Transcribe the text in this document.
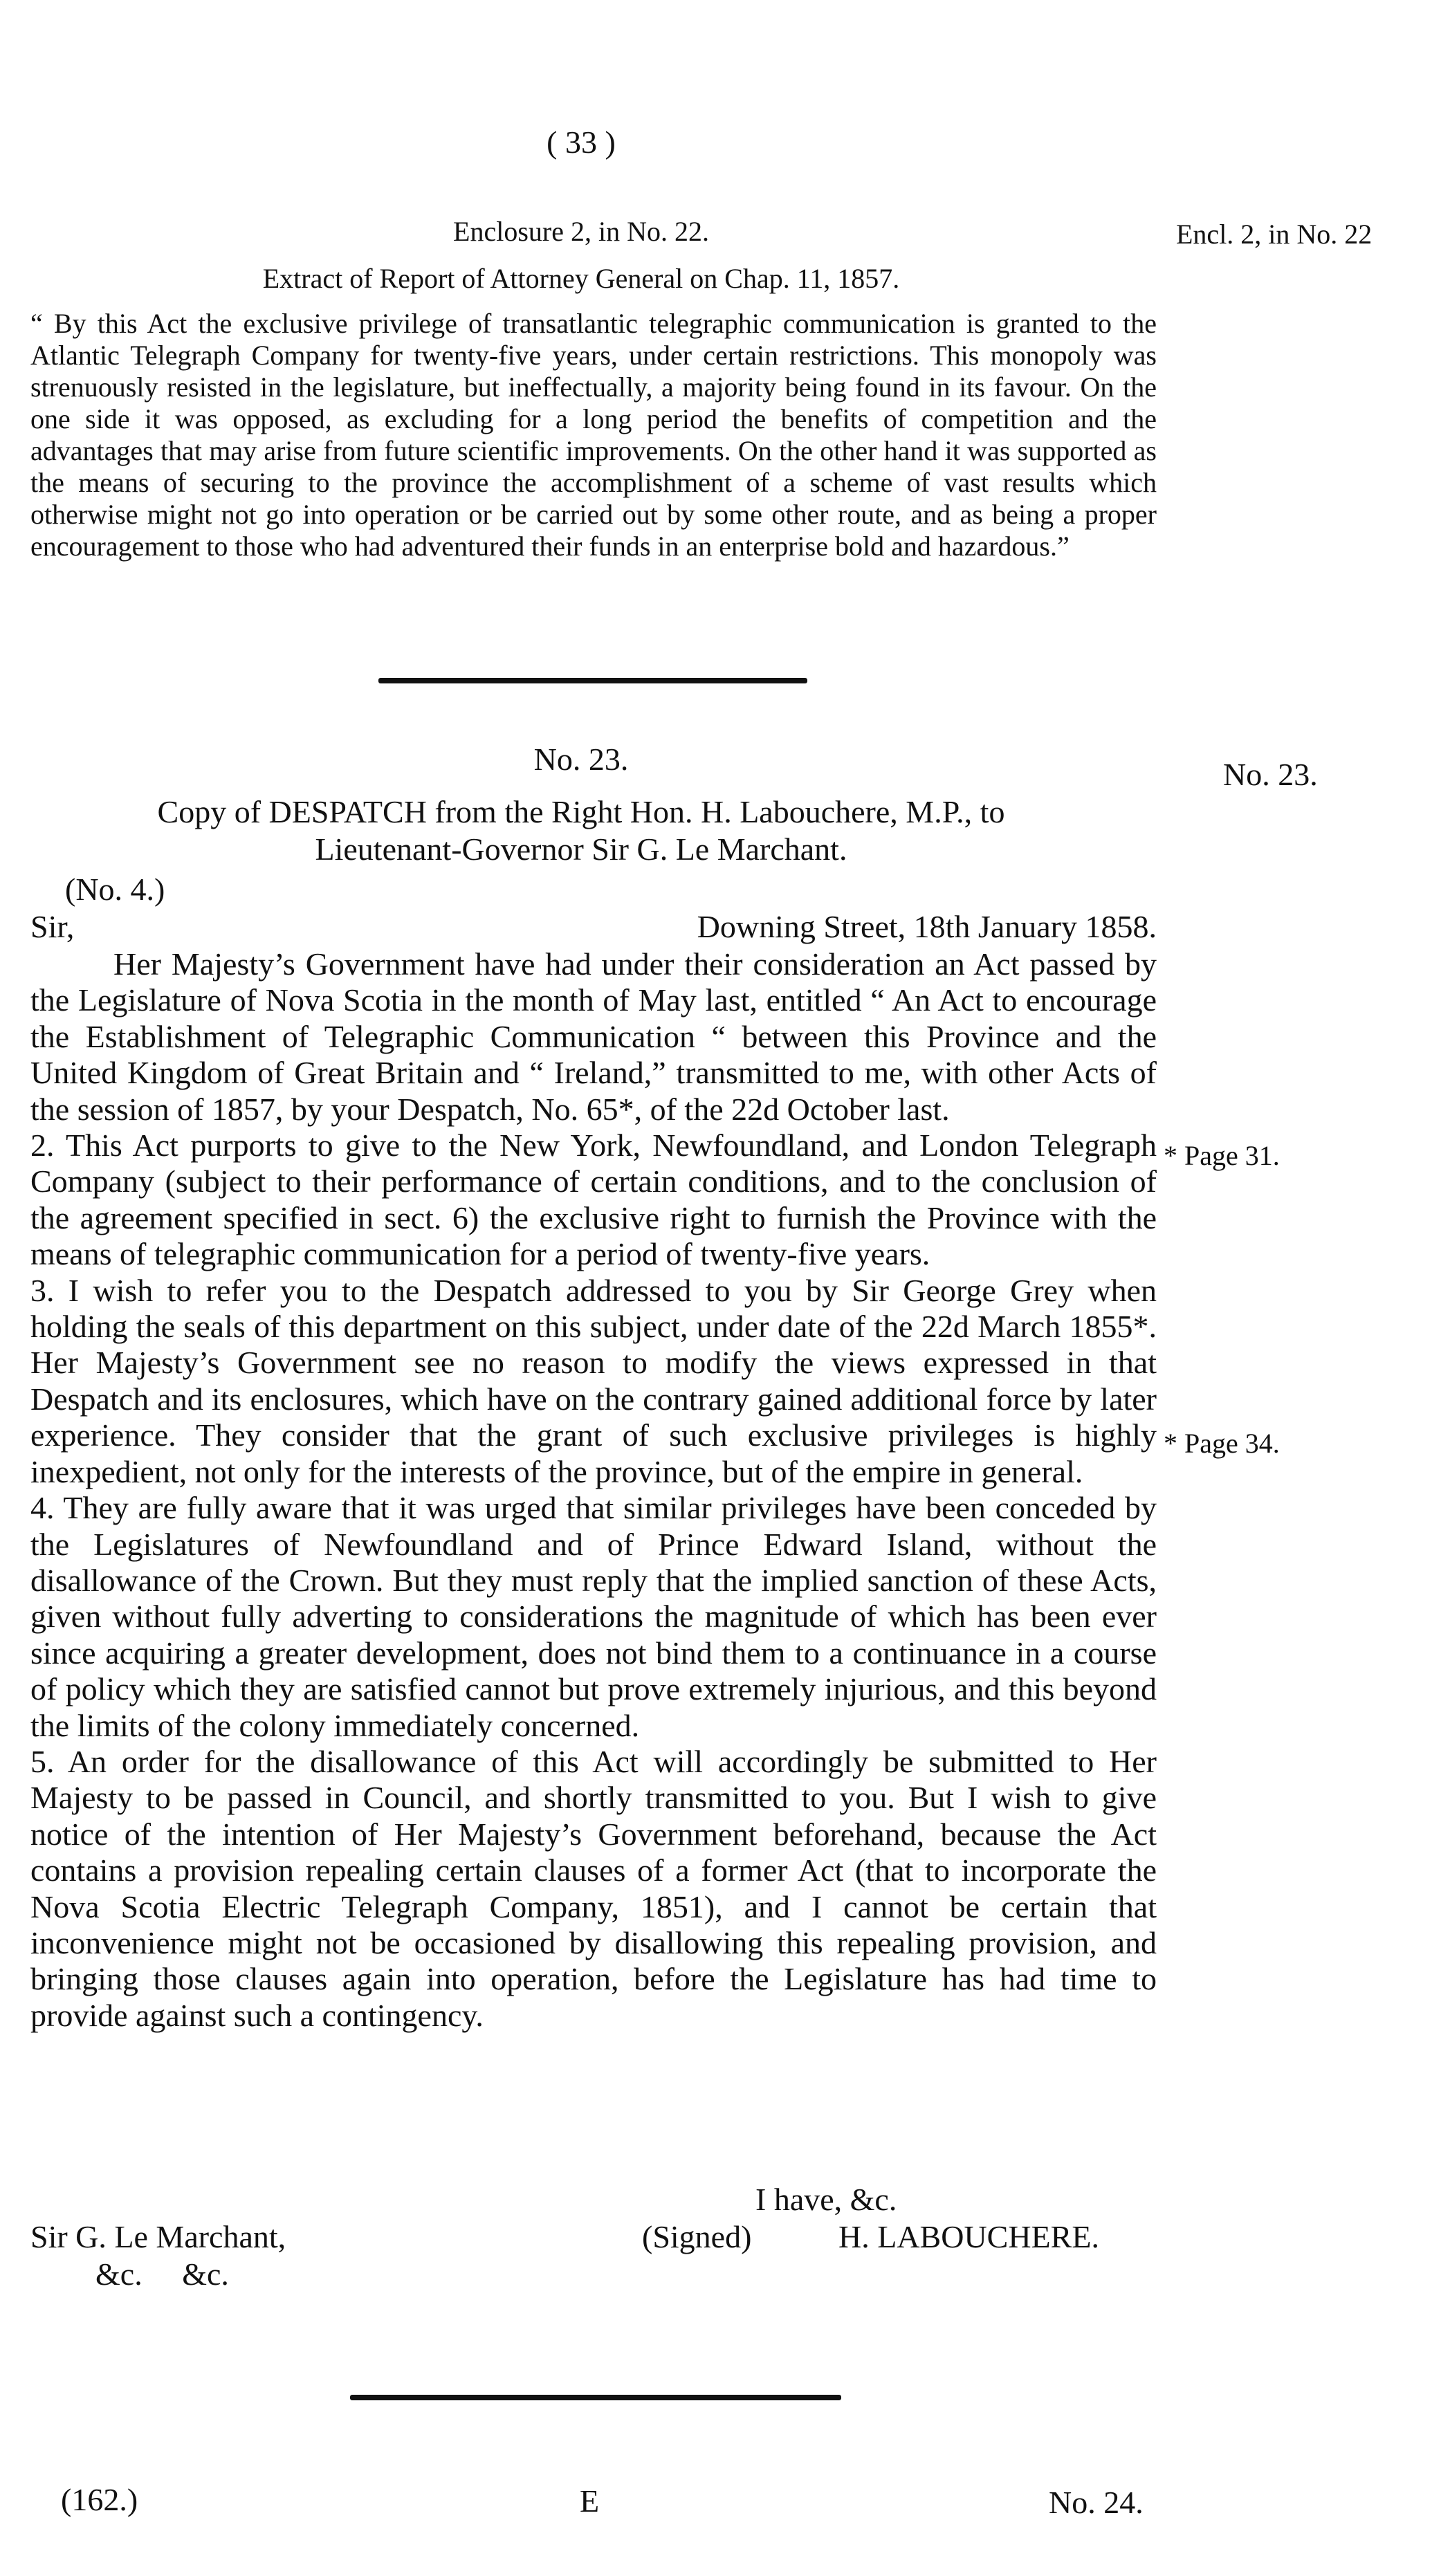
( 33 )
Enclosure 2, in No. 22.	Encl. 2, in No. 22
Extract of Report of Attorney General on Chap. 11, 1857.

“ By this Act the exclusive privilege of transatlantic telegraphic communication is granted to the Atlantic Telegraph Company for twenty-five years, under certain restrictions. This monopoly was strenuously resisted in the legislature, but ineffectually, a majority being found in its favour. On the one side it was opposed, as excluding for a long period the benefits of competition and the advantages that may arise from future scientific improvements. On the other hand it was supported as the means of securing to the province the accomplishment of a scheme of vast results which otherwise might not go into operation or be carried out by some other route, and as being a proper encouragement to those who had adventured their funds in an enterprise bold and hazardous.”

No. 23.	No. 23.
Copy of DESPATCH from the Right Hon. H. Labouchere, M.P., to
Lieutenant-Governor Sir G. Le Marchant.
(No. 4.)
Sir,	Downing Street, 18th January 1858.

Her Majesty’s Government have had under their consideration an Act passed by the Legislature of Nova Scotia in the month of May last, entitled “ An Act to encourage the Establishment of Telegraphic Communication “ between this Province and the United Kingdom of Great Britain and “ Ireland,” transmitted to me, with other Acts of the session of 1857, by your Despatch, No. 65*, of the 22d October last.

2. This Act purports to give to the New York, Newfoundland, and London Telegraph Company (subject to their performance of certain conditions, and to the conclusion of the agreement specified in sect. 6) the exclusive right to furnish the Province with the means of telegraphic communication for a period of twenty-five years.

3. I wish to refer you to the Despatch addressed to you by Sir George Grey when holding the seals of this department on this subject, under date of the 22d March 1855*. Her Majesty’s Government see no reason to modify the views expressed in that Despatch and its enclosures, which have on the contrary gained additional force by later experience. They consider that the grant of such exclusive privileges is highly inexpedient, not only for the interests of the province, but of the empire in general.

4. They are fully aware that it was urged that similar privileges have been conceded by the Legislatures of Newfoundland and of Prince Edward Island, without the disallowance of the Crown. But they must reply that the implied sanction of these Acts, given without fully adverting to considerations the magnitude of which has been ever since acquiring a greater development, does not bind them to a continuance in a course of policy which they are satisfied cannot but prove extremely injurious, and this beyond the limits of the colony immediately concerned.

5. An order for the disallowance of this Act will accordingly be submitted to Her Majesty to be passed in Council, and shortly transmitted to you. But I wish to give notice of the intention of Her Majesty’s Government beforehand, because the Act contains a provision repealing certain clauses of a former Act (that to incorporate the Nova Scotia Electric Telegraph Company, 1851), and I cannot be certain that inconvenience might not be occasioned by disallowing this repealing provision, and bringing those clauses again into operation, before the Legislature has had time to provide against such a contingency.

* Page 31.
* Page 34.
I have, &c.
Sir G. Le Marchant,	(Signed)	H. LABOUCHERE.
&c.     &c.
(162.)	E	No. 24.
